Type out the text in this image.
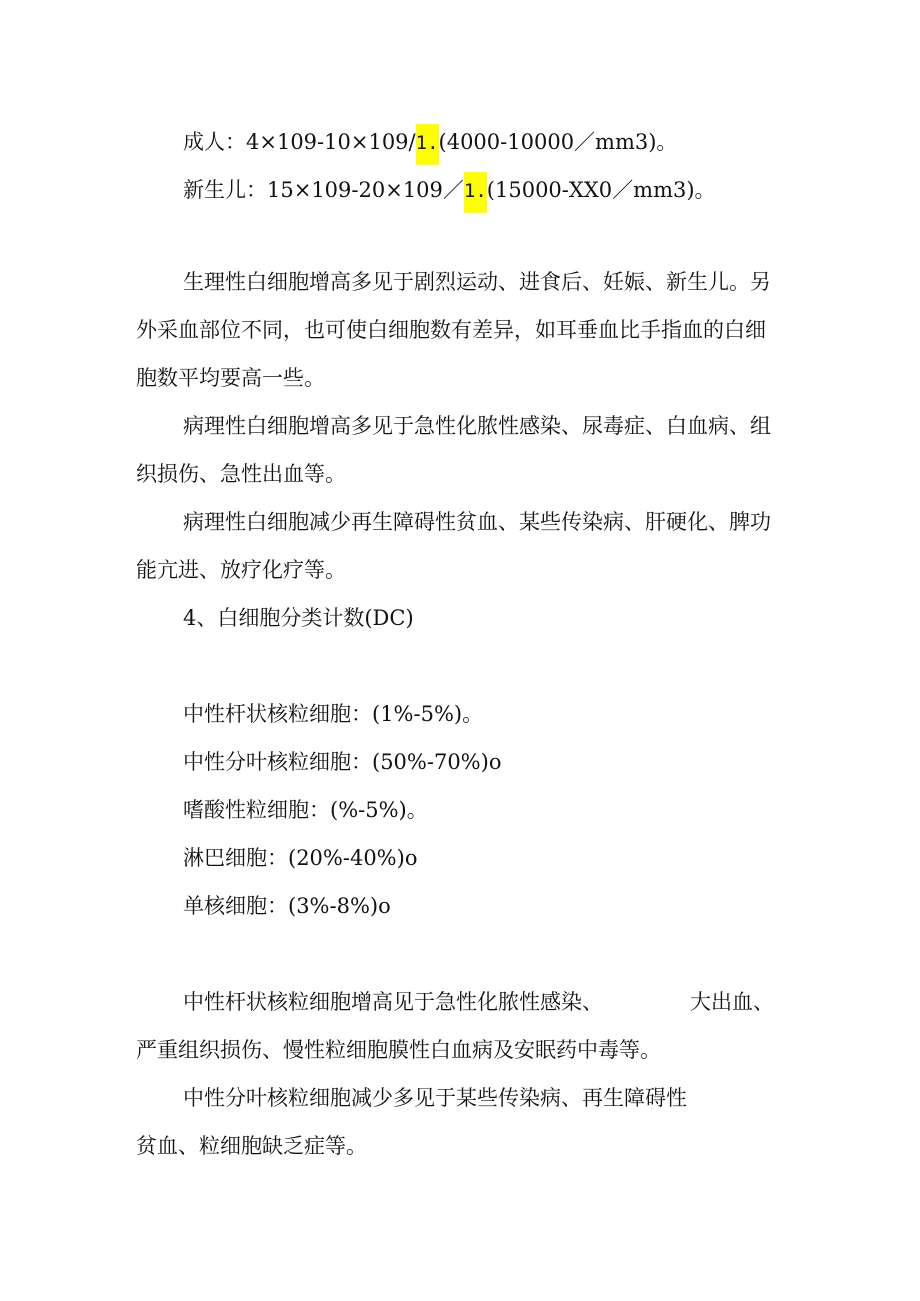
成人：4×109-10×109/1.(4000-10000／mm3)。
新生儿：15×109-20×109／1.(15000-XX0／mm3)。
生理性白细胞增高多见于剧烈运动、进食后、妊娠、新生儿。另
外采血部位不同，也可使白细胞数有差异，如耳垂血比手指血的白细
胞数平均要高一些。
病理性白细胞增高多见于急性化脓性感染、尿毒症、白血病、组
织损伤、急性出血等。
病理性白细胞减少再生障碍性贫血、某些传染病、肝硬化、脾功
能亢进、放疗化疗等。
4、白细胞分类计数(DC)
中性杆状核粒细胞：(1%-5%)。
中性分叶核粒细胞：(50%-70%)o
嗜酸性粒细胞：(%-5%)。
淋巴细胞：(20%-40%)o
单核细胞：(3%-8%)o
中性杆状核粒细胞增高见于急性化脓性感染、	大出血、
严重组织损伤、慢性粒细胞膜性白血病及安眠药中毒等。
中性分叶核粒细胞减少多见于某些传染病、再生障碍性
贫血、粒细胞缺乏症等。
